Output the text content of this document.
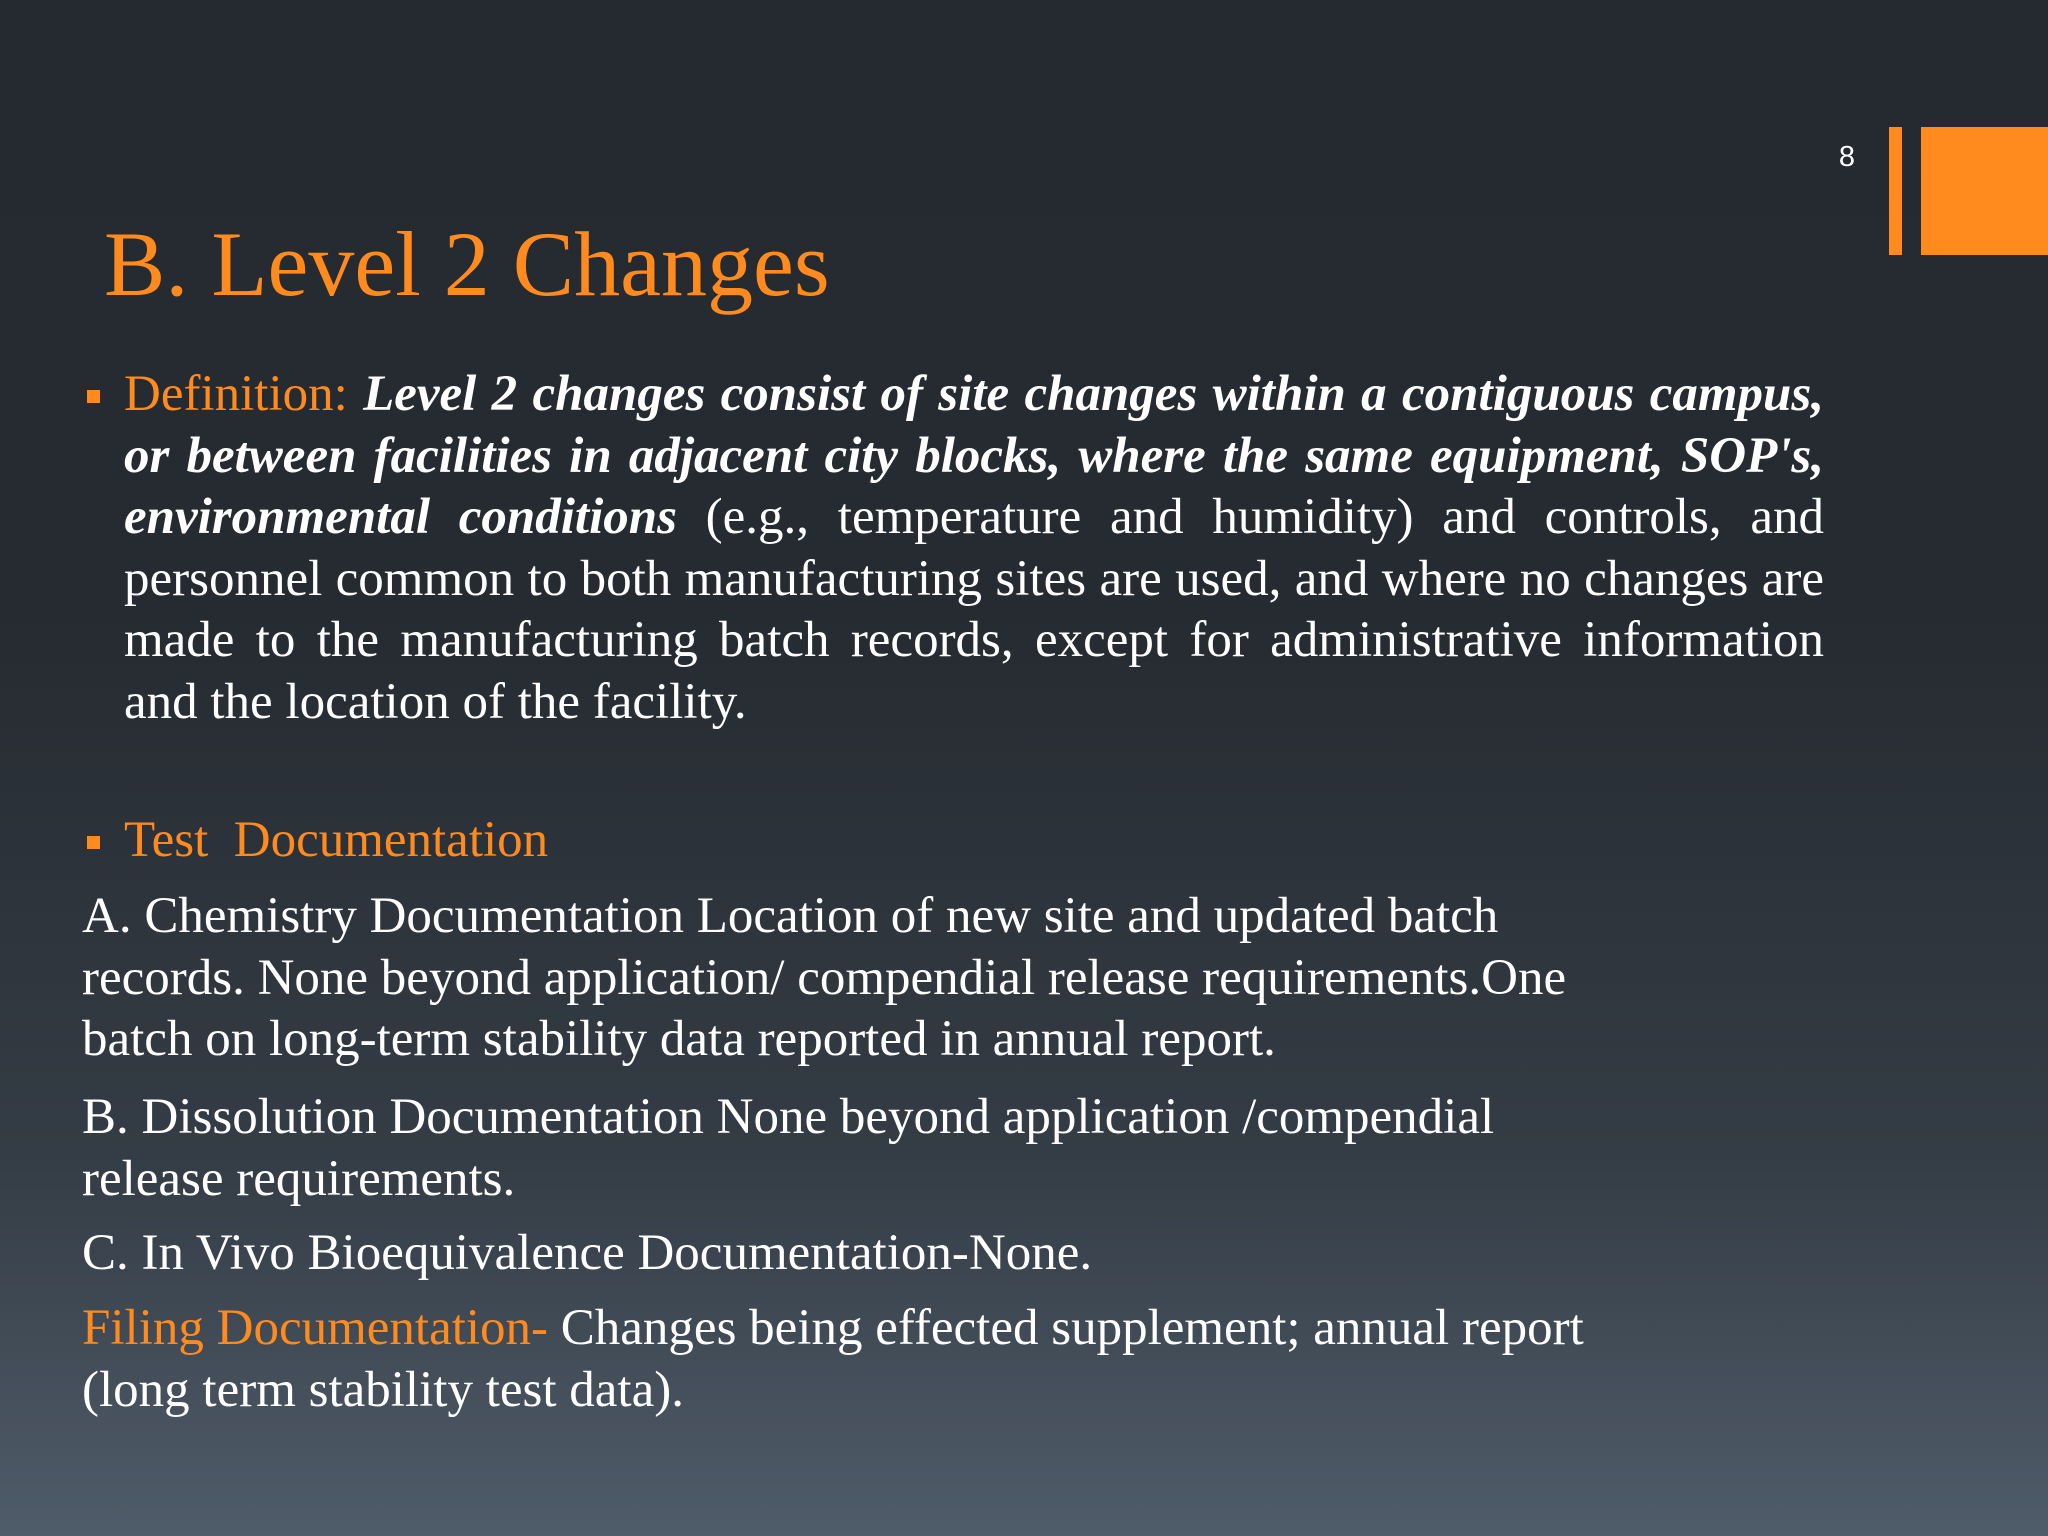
8
B. Level 2 Changes
Definition: Level 2 changes consist of site changes within a contiguous campus, or between facilities in adjacent city blocks, where the same equipment, SOP's, environmental conditions (e.g., temperature and humidity) and controls, and personnel common to both manufacturing sites are used, and where no changes are made to the manufacturing batch records, except for administrative information and the location of the facility.
Test  Documentation
A. Chemistry Documentation Location of new site and updated batch
records. None beyond application/ compendial release requirements.One
batch on long-term stability data reported in annual report.
B. Dissolution Documentation None beyond application /compendial
release requirements.
C. In Vivo Bioequivalence Documentation-None.
Filing Documentation- Changes being effected supplement; annual report
(long term stability test data).
